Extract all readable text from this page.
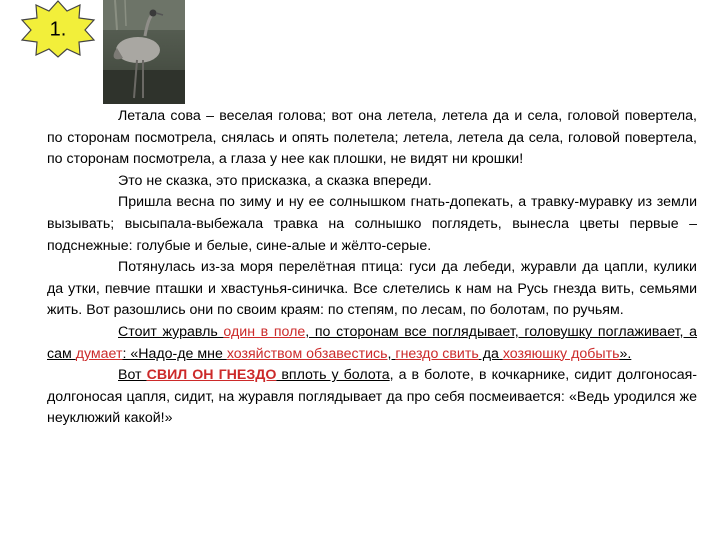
1.

Летала сова – веселая голова; вот она летела, летела да и села, головой повертела, по сторонам посмотрела, снялась и опять полетела; летела, летела да села, головой повертела, по сторонам посмотрела, а глаза у нее как плошки, не видят ни крошки!

Это не сказка, это присказка, а сказка впереди.

Пришла весна по зиму и ну ее солнышком гнать-допекать, а травку-муравку из земли вызывать; высыпала-выбежала травка на солнышко поглядеть, вынесла цветы первые – подснежные: голубые и белые, сине-алые и жёлто-серые.

Потянулась из-за моря перелётная птица: гуси да лебеди, журавли да цапли, кулики да утки, певчие пташки и хвастунья-синичка. Все слетелись к нам на Русь гнезда вить, семьями жить. Вот разошлись они по своим краям: по степям, по лесам, по болотам, по ручьям.

Стоит журавль один в поле, по сторонам все поглядывает, головушку поглаживает, а сам думает: «Надо-де мне хозяйством обзавестись, гнездо свить да хозяюшку добыть».

Вот СВИЛ ОН ГНЕЗДО вплоть у болота, а в болоте, в кочкарнике, сидит долгоносая-долгоносая цапля, сидит, на журавля поглядывает да про себя посмеивается: «Ведь уродился же неуклюжий какой!»
